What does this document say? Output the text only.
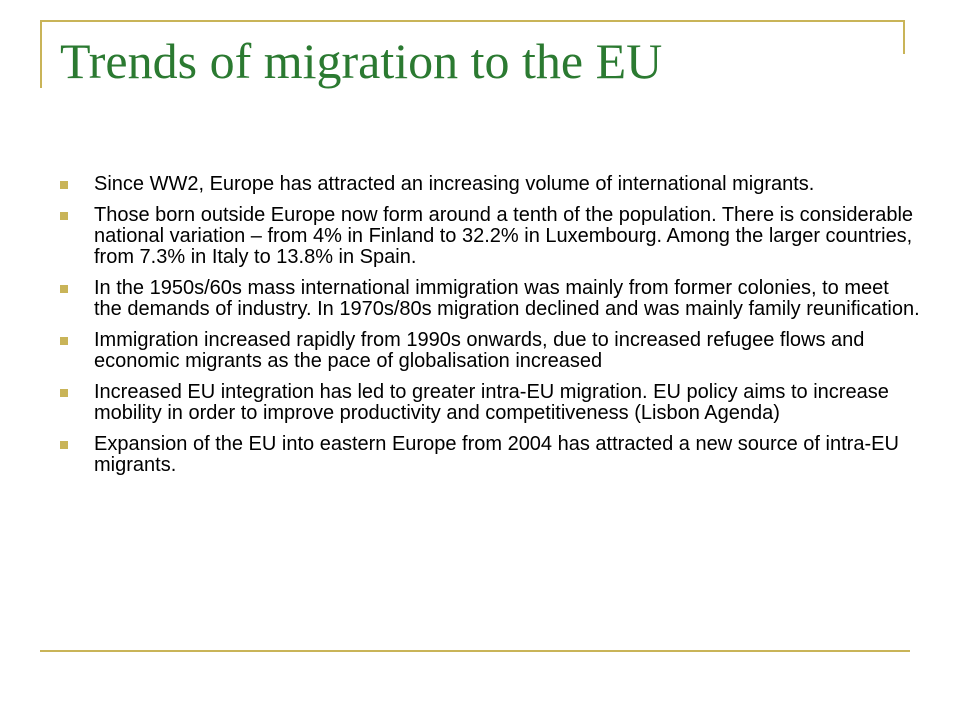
Trends of migration to the EU
Since WW2, Europe has attracted an increasing volume of international migrants.
Those born outside Europe now form around a tenth of the population. There is considerable national variation – from 4% in Finland to 32.2% in Luxembourg. Among the larger countries, from 7.3% in Italy to 13.8% in Spain.
In the 1950s/60s mass international immigration was mainly from former colonies, to meet the demands of industry. In 1970s/80s migration declined and was mainly family reunification.
Immigration increased rapidly from 1990s onwards, due to increased refugee flows and economic migrants as the pace of globalisation increased
Increased EU integration has led to greater intra-EU migration. EU policy aims to increase mobility in order to improve productivity and competitiveness (Lisbon Agenda)
Expansion of the EU into eastern Europe from 2004 has attracted a new source of intra-EU migrants.
